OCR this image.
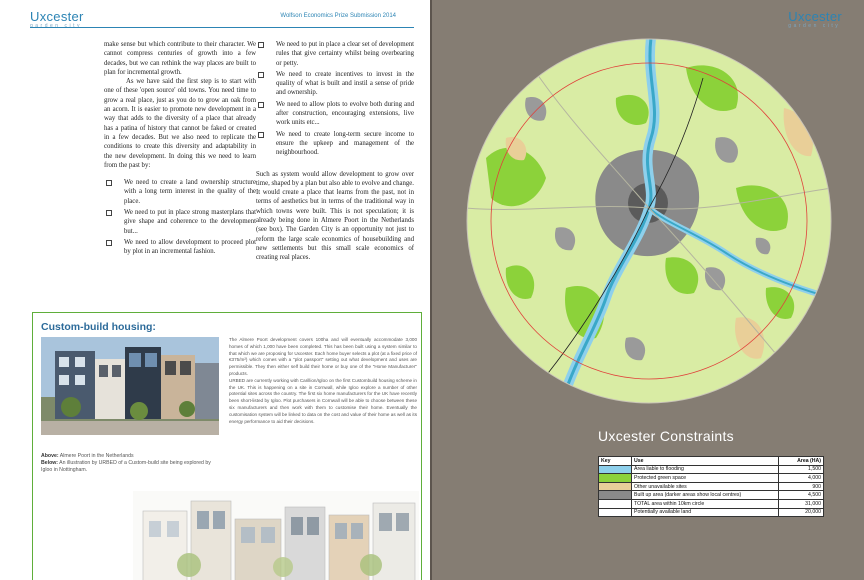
Uxcester
garden city
Wolfson Economics Prize Submission 2014

make sense but which contribute to their character. We cannot compress centuries of growth into a few decades, but we can rethink the way places are built to plan for incremental growth.

As we have said the first step is to start with one of these 'open source' old towns. You need time to grow a real place, just as you do to grow an oak from an acorn. It is easier to promote new development in a way that adds to the diversity of a place that already has a patina of history that cannot be faked or created in a few decades. But we also need to replicate the conditions to create this diversity and adaptability in the new development. In doing this we need to learn from the past by:

We need to create a land ownership structure with a long term interest in the quality of the place.
We need to put in place strong masterplans that give shape and coherence to the development but...
We need to allow development to proceed plot by plot in an incremental fashion.
We need to put in place a clear set of development rules that give certainty whilst being overbearing or petty.
We need to create incentives to invest in the quality of what is built and instil a sense of pride and ownership.
We need to allow plots to evolve both during and after construction, encouraging extensions, live work units etc...
We need to create long-term secure income to ensure the upkeep and management of the neighbourhood.

Such as system would allow development to grow over time, shaped by a plan but also able to evolve and change. It would create a place that learns from the past, not in terms of aesthetics but in terms of the traditional way in which towns were built. This is not speculation; it is already being done in Almere Poort in the Netherlands (see box). The Garden City is an opportunity not just to reform the large scale economics of housebuilding and new settlements but this small scale economics of creating real places.

Custom-build housing:

The Almere Poort development covers 100ha and will eventually accommodate 3,000 homes of which 1,000 have been completed. This has been built using a system similar to that which we are proposing for Uxcester. Each home buyer selects a plot (at a fixed price of €375/m²) which comes with a "plot passport" setting out what development and uses are permissible. They then either self build their home or buy one of the "Home Manufacturer" products.

URBED are currently working with Carillion/Igloo on the first Custombuild housing scheme in the UK. This is happening on a site in Cornwall, while Igloo explore a number of other potential sites across the country. The first six home manufacturers for the UK have recently been short-listed by Igloo. Plot purchasers in Cornwall will be able to choose between these six manufacturers and then work with them to customise their home. Eventually the customisation system will be linked to data on the cost and value of their home as well as its energy performance to aid their decisions.

Above: Almere Poort in the Netherlands
Below: An illustration by URBED of a Custom-build site being explored by Igloo in Nottingham.
Uxcester
garden city
Uxcester Constraints
Key	Use	Area (HA)

	Area liable to flooding	1,500

	Protected green space	4,000

	Other unavailable sites	900

	Built up area (darker areas show local centres)	4,500

	TOTAL area within 10km circle	31,000

	Potentially available land	20,000
